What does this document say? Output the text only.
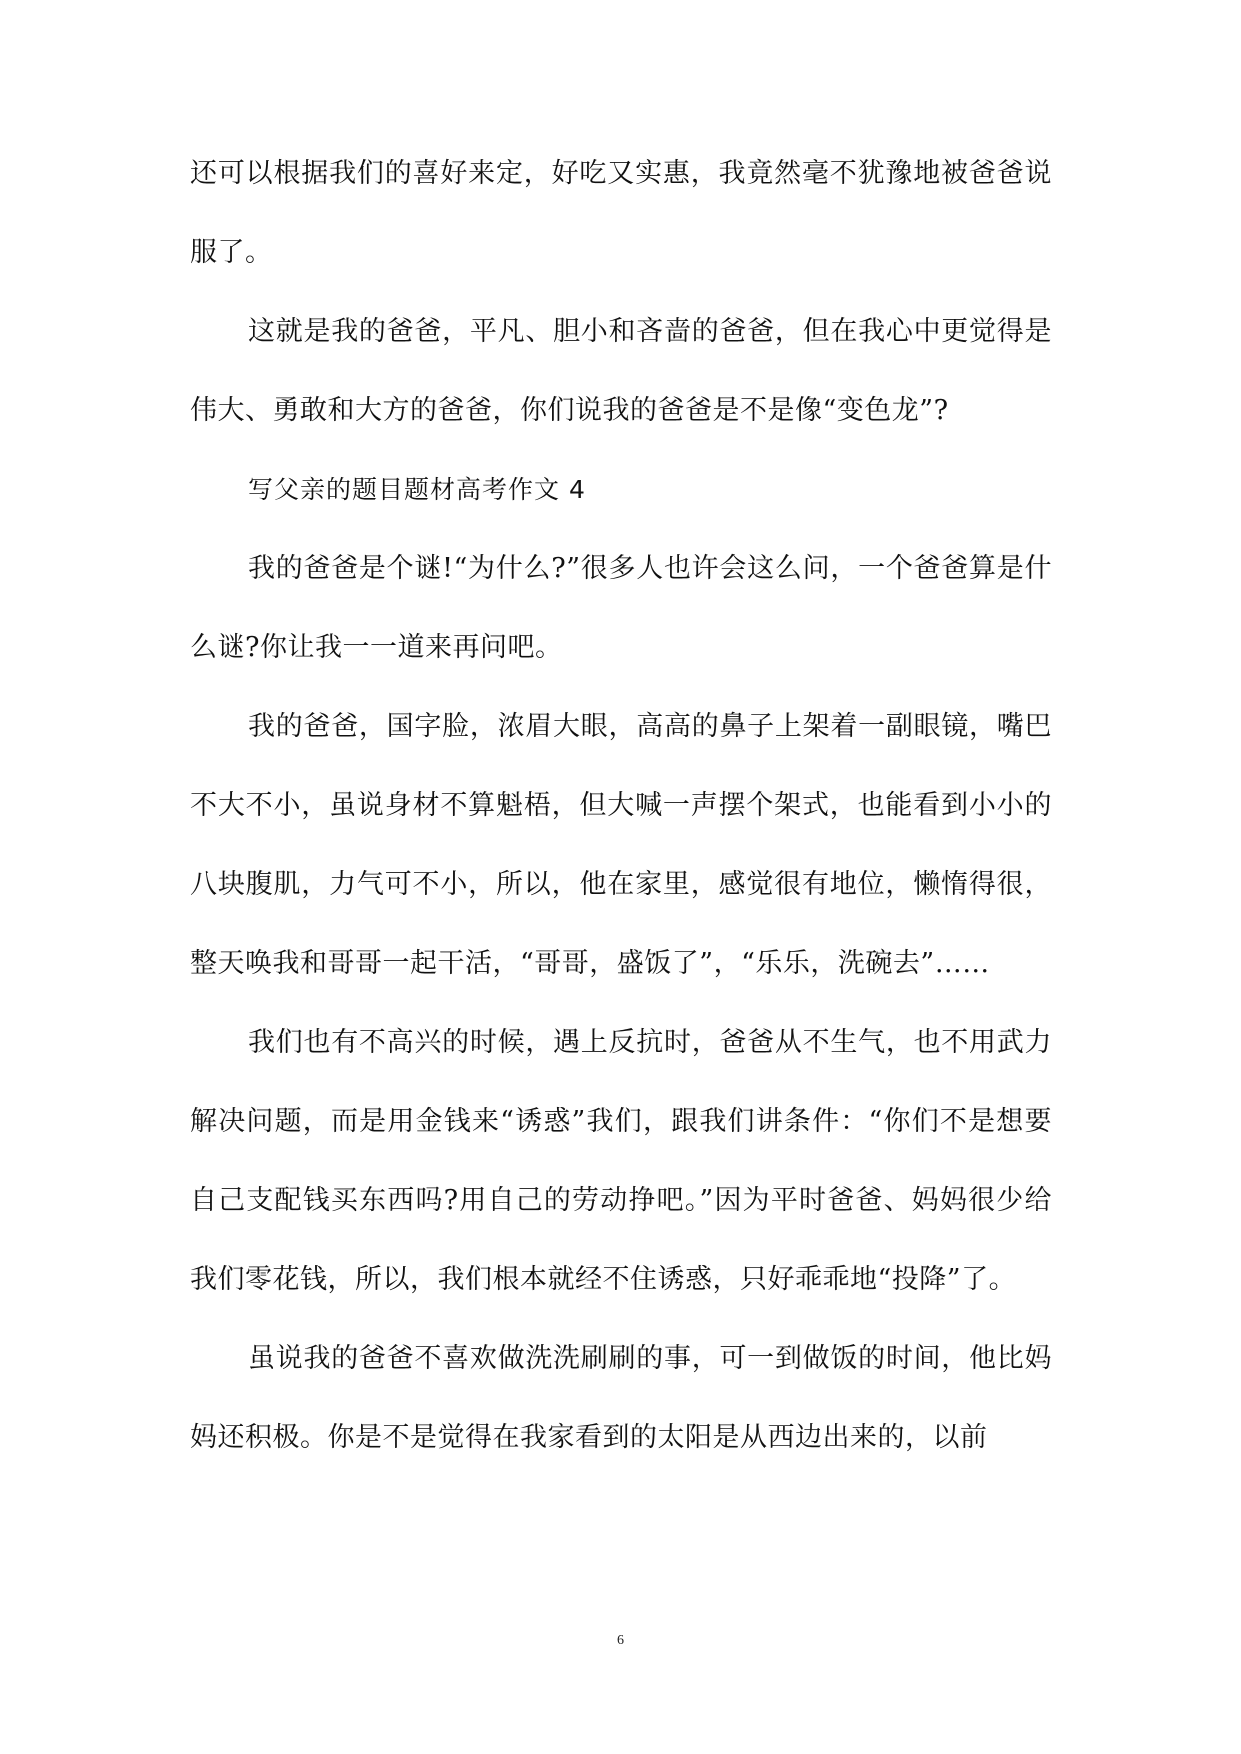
还可以根据我们的喜好来定，好吃又实惠，我竟然毫不犹豫地被爸爸说服了。

这就是我的爸爸，平凡、胆小和吝啬的爸爸，但在我心中更觉得是伟大、勇敢和大方的爸爸，你们说我的爸爸是不是像“变色龙”?

写父亲的题目题材高考作文 4

我的爸爸是个谜!“为什么?”很多人也许会这么问，一个爸爸算是什么谜?你让我一一道来再问吧。

我的爸爸，国字脸，浓眉大眼，高高的鼻子上架着一副眼镜，嘴巴不大不小，虽说身材不算魁梧，但大喊一声摆个架式，也能看到小小的八块腹肌，力气可不小，所以，他在家里，感觉很有地位，懒惰得很，整天唤我和哥哥一起干活，“哥哥，盛饭了”，“乐乐，洗碗去”……

我们也有不高兴的时候，遇上反抗时，爸爸从不生气，也不用武力解决问题，而是用金钱来“诱惑”我们，跟我们讲条件：“你们不是想要自己支配钱买东西吗?用自己的劳动挣吧。”因为平时爸爸、妈妈很少给我们零花钱，所以，我们根本就经不住诱惑，只好乖乖地“投降”了。

虽说我的爸爸不喜欢做洗洗刷刷的事，可一到做饭的时间，他比妈妈还积极。你是不是觉得在我家看到的太阳是从西边出来的，以前

6
